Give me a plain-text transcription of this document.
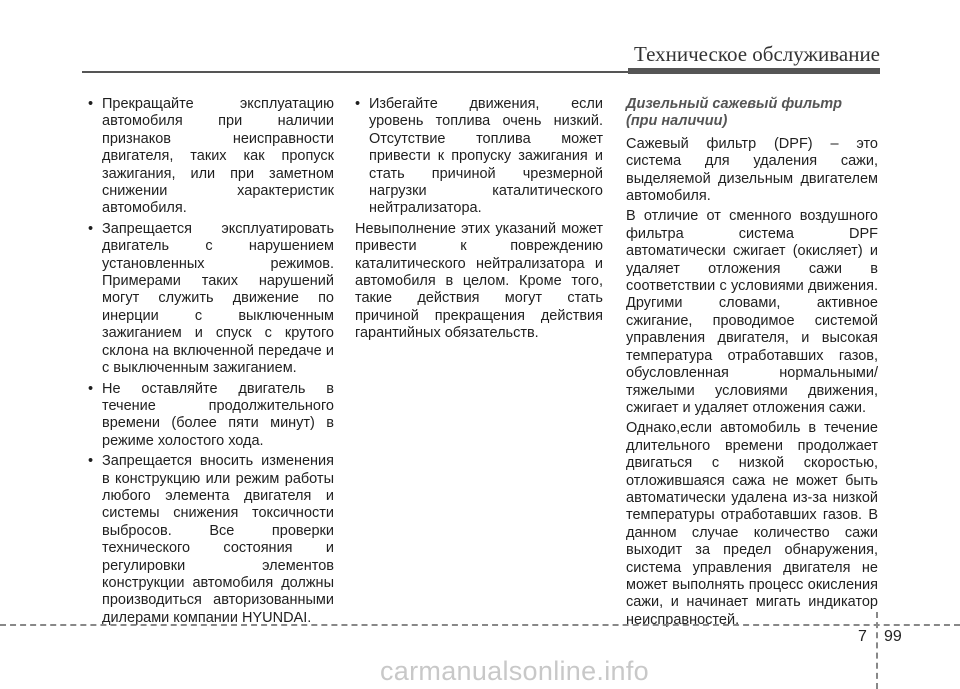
Техническое обслуживание
• Прекращайте эксплуатацию автомобиля при наличии признаков неисправности двигателя, таких как пропуск зажигания, или при заметном снижении характеристик автомобиля.
• Запрещается эксплуатировать двигатель с нарушением установленных режимов. Примерами таких нарушений могут служить движение по инерции с выключенным зажиганием и спуск с крутого склона на включенной передаче и с выключенным зажиганием.
• Не оставляйте двигатель в течение продолжительного времени (более пяти минут) в режиме холостого хода.
• Запрещается вносить изменения в конструкцию или режим работы любого элемента двигателя и системы снижения токсичности выбросов. Все проверки технического состояния и регулировки элементов конструкции автомобиля должны производиться авторизованными дилерами компании HYUNDAI.
• Избегайте движения, если уровень топлива очень низкий. Отсутствие топлива может привести к пропуску зажигания и стать причиной чрезмерной нагрузки каталитического нейтрализатора.

Невыполнение этих указаний может привести к повреждению каталитического нейтрализатора и автомобиля в целом. Кроме того, такие действия могут стать причиной прекращения действия гарантийных обязательств.

Дизельный сажевый фильтр
(при наличии)

Сажевый фильтр (DPF) – это система для удаления сажи, выделяемой дизельным двигателем автомобиля.

В отличие от сменного воздушного фильтра система DPF автоматически сжигает (окисляет) и удаляет отложения сажи в соответствии с условиями движения. Другими словами, активное сжигание, проводимое системой управления двигателя, и высокая температура отработавших газов, обусловленная нормальными/тяжелыми условиями движения, сжигает и удаляет отложения сажи.

Однако,если автомобиль в течение длительного времени продолжает двигаться с низкой скоростью, отложившаяся сажа не может быть автоматически удалена из-за низкой температуры отработавших газов. В данном случае количество сажи выходит за предел обнаружения, система управления двигателя не может выполнять процесс окисления сажи, и начинает мигать индикатор неисправностей.

7 99
carmanualsonline.info
